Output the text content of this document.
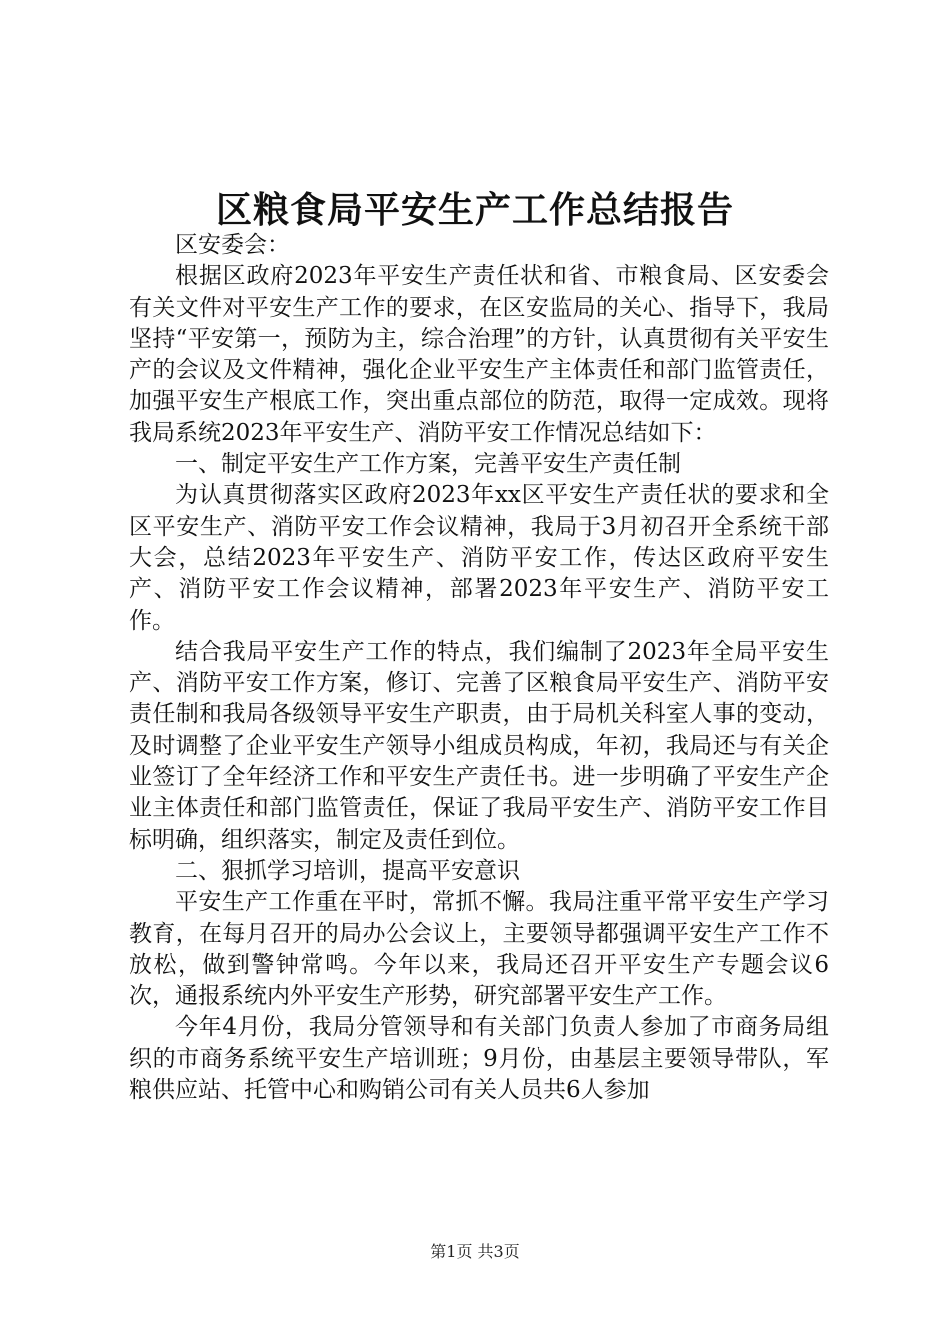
区粮食局平安生产工作总结报告

区安委会：

根据区政府2023年平安生产责任状和省、市粮食局、区安委会有关文件对平安生产工作的要求，在区安监局的关心、指导下，我局坚持“平安第一，预防为主，综合治理”的方针，认真贯彻有关平安生产的会议及文件精神，强化企业平安生产主体责任和部门监管责任，加强平安生产根底工作，突出重点部位的防范，取得一定成效。现将我局系统2023年平安生产、消防平安工作情况总结如下：

一、制定平安生产工作方案，完善平安生产责任制

为认真贯彻落实区政府2023年xx区平安生产责任状的要求和全区平安生产、消防平安工作会议精神，我局于3月初召开全系统干部大会，总结2023年平安生产、消防平安工作，传达区政府平安生产、消防平安工作会议精神，部署2023年平安生产、消防平安工作。

结合我局平安生产工作的特点，我们编制了2023年全局平安生产、消防平安工作方案，修订、完善了区粮食局平安生产、消防平安责任制和我局各级领导平安生产职责，由于局机关科室人事的变动，及时调整了企业平安生产领导小组成员构成，年初，我局还与有关企业签订了全年经济工作和平安生产责任书。进一步明确了平安生产企业主体责任和部门监管责任，保证了我局平安生产、消防平安工作目标明确，组织落实，制定及责任到位。

二、狠抓学习培训，提高平安意识

平安生产工作重在平时，常抓不懈。我局注重平常平安生产学习教育，在每月召开的局办公会议上，主要领导都强调平安生产工作不放松，做到警钟常鸣。今年以来，我局还召开平安生产专题会议6次，通报系统内外平安生产形势，研究部署平安生产工作。

今年4月份，我局分管领导和有关部门负责人参加了市商务局组织的市商务系统平安生产培训班；9月份，由基层主要领导带队，军粮供应站、托管中心和购销公司有关人员共6人参加

第1页 共3页
